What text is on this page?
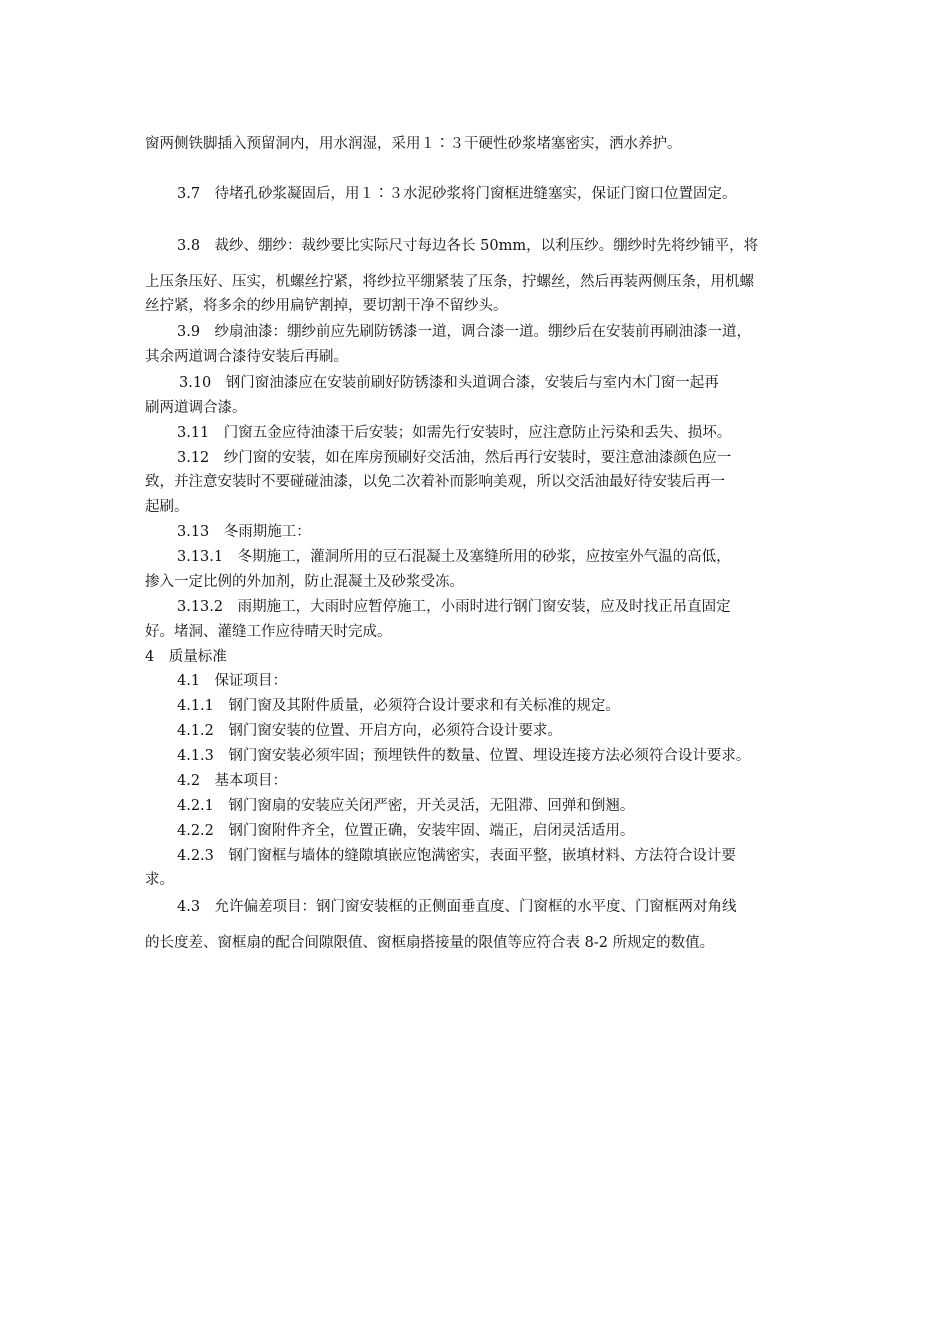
窗两侧铁脚插入预留洞内，用水润湿，采用１∶３干硬性砂浆堵塞密实，洒水养护。
3.7　待堵孔砂浆凝固后，用１∶３水泥砂浆将门窗框进缝塞实，保证门窗口位置固定。
3.8　裁纱、绷纱：裁纱要比实际尺寸每边各长 50mm，以利压纱。绷纱时先将纱铺平，将
上压条压好、压实，机螺丝拧紧，将纱拉平绷紧装了压条，拧螺丝，然后再装两侧压条，用机螺
丝拧紧，将多余的纱用扁铲割掉，要切割干净不留纱头。
3.9　纱扇油漆：绷纱前应先刷防锈漆一道，调合漆一道。绷纱后在安装前再刷油漆一道，
其余两道调合漆待安装后再刷。
3.10　钢门窗油漆应在安装前刷好防锈漆和头道调合漆，安装后与室内木门窗一起再
刷两道调合漆。
3.11　门窗五金应待油漆干后安装；如需先行安装时，应注意防止污染和丢失、损坏。
3.12　纱门窗的安装，如在库房预刷好交活油，然后再行安装时，要注意油漆颜色应一
致，并注意安装时不要碰碰油漆，以免二次着补而影响美观，所以交活油最好待安装后再一
起刷。
3.13　冬雨期施工：
3.13.1　冬期施工，灌洞所用的豆石混凝土及塞缝所用的砂浆，应按室外气温的高低，
掺入一定比例的外加剂，防止混凝土及砂浆受冻。
3.13.2　雨期施工，大雨时应暂停施工，小雨时进行钢门窗安装，应及时找正吊直固定
好。堵洞、灌缝工作应待晴天时完成。
4　质量标准
4.1　保证项目：
4.1.1　钢门窗及其附件质量，必须符合设计要求和有关标准的规定。
4.1.2　钢门窗安装的位置、开启方向，必须符合设计要求。
4.1.3　钢门窗安装必须牢固；预埋铁件的数量、位置、埋设连接方法必须符合设计要求。
4.2　基本项目：
4.2.1　钢门窗扇的安装应关闭严密，开关灵活，无阻滞、回弹和倒翘。
4.2.2　钢门窗附件齐全，位置正确，安装牢固、端正，启闭灵活适用。
4.2.3　钢门窗框与墙体的缝隙填嵌应饱满密实，表面平整，嵌填材料、方法符合设计要
求。
4.3　允许偏差项目：钢门窗安装框的正侧面垂直度、门窗框的水平度、门窗框两对角线
的长度差、窗框扇的配合间隙限值、窗框扇搭接量的限值等应符合表 8-2 所规定的数值。
